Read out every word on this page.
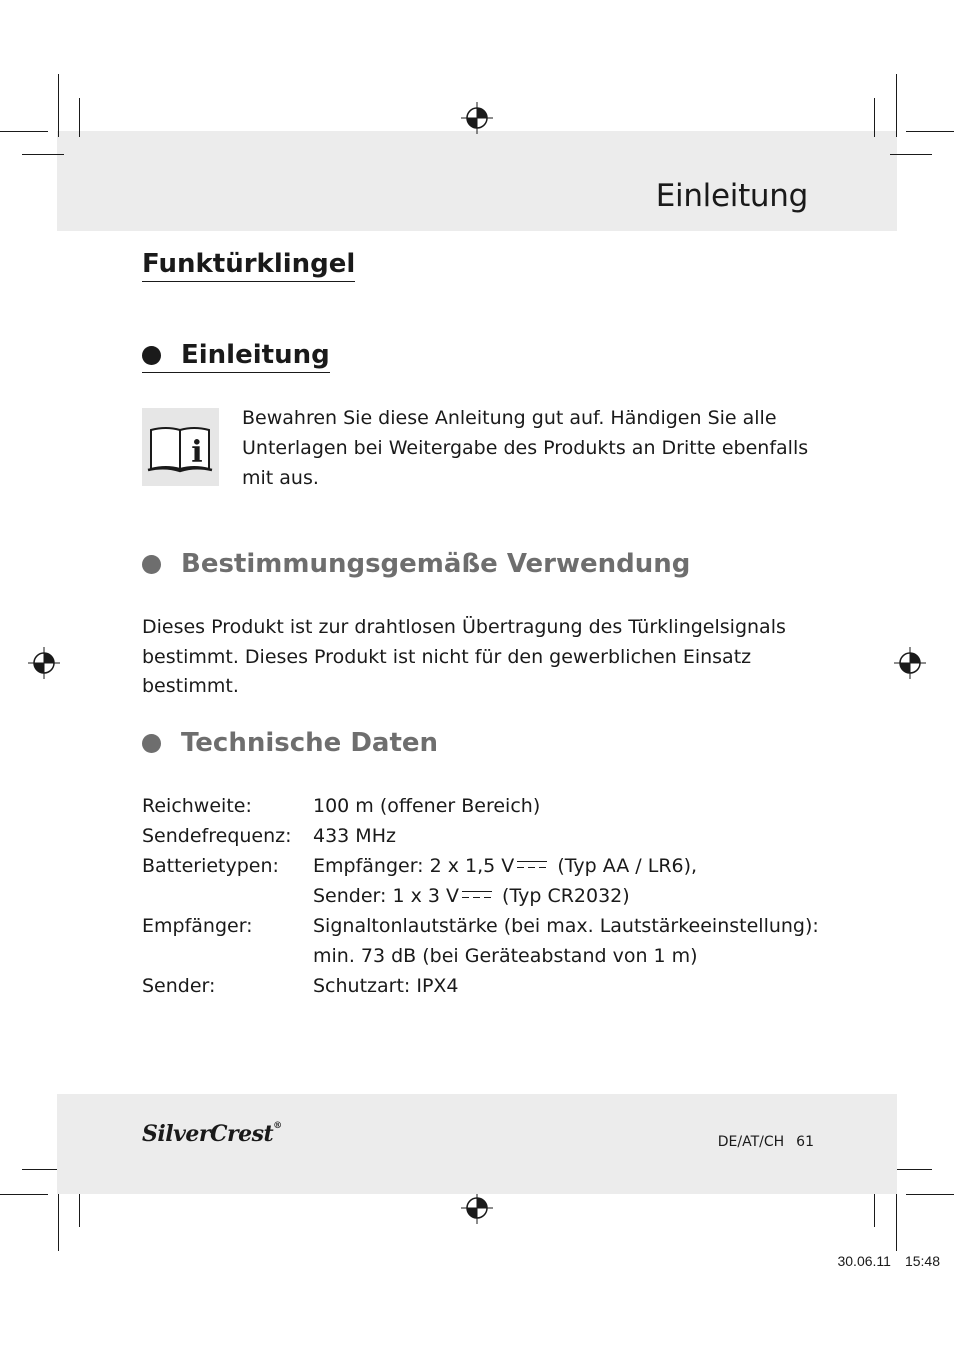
Einleitung
Funktürklingel
Einleitung
i
Bewahren Sie diese Anleitung gut auf. Händigen Sie alle Unterlagen bei Weitergabe des Produkts an Dritte ebenfalls mit aus.
Bestimmungsgemäße Verwendung
Dieses Produkt ist zur drahtlosen Übertragung des Türklingelsignals bestimmt. Dieses Produkt ist nicht für den gewerblichen Einsatz bestimmt.
Technische Daten
Reichweite:	100 m (offener Bereich)
Sendefrequenz:	433 MHz
Batterietypen:	Empfänger: 2 x 1,5 V (Typ AA / LR6),
Sender: 1 x 3 V (Typ CR2032)
Empfänger:	Signaltonlautstärke (bei max. Lautstärkeeinstellung):
min. 73 dB (bei Geräteabstand von 1 m)
Sender:	Schutzart: IPX4
SilverCrest®
DE/AT/CH 61
30.06.11 15:48
